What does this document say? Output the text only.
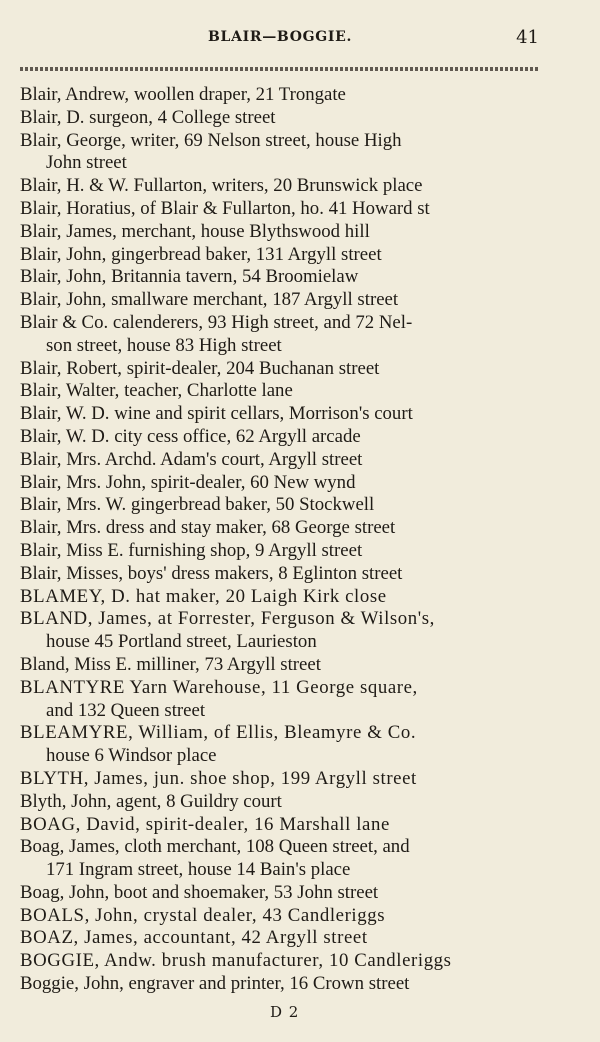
BLAIR—BOGGIE.	41

Blair, Andrew, woollen draper, 21 Trongate

Blair, D. surgeon, 4 College street

Blair, George, writer, 69 Nelson street, house High

John street

Blair, H. & W. Fullarton, writers, 20 Brunswick place

Blair, Horatius, of Blair & Fullarton, ho. 41 Howard st

Blair, James, merchant, house Blythswood hill

Blair, John, gingerbread baker, 131 Argyll street

Blair, John, Britannia tavern, 54 Broomielaw

Blair, John, smallware merchant, 187 Argyll street

Blair & Co. calenderers, 93 High street, and 72 Nel-

son street, house 83 High street

Blair, Robert, spirit-dealer, 204 Buchanan street

Blair, Walter, teacher, Charlotte lane

Blair, W. D. wine and spirit cellars, Morrison's court

Blair, W. D. city cess office, 62 Argyll arcade

Blair, Mrs. Archd. Adam's court, Argyll street

Blair, Mrs. John, spirit-dealer, 60 New wynd

Blair, Mrs. W. gingerbread baker, 50 Stockwell

Blair, Mrs. dress and stay maker, 68 George street

Blair, Miss E. furnishing shop, 9 Argyll street

Blair, Misses, boys' dress makers, 8 Eglinton street

BLAMEY, D. hat maker, 20 Laigh Kirk close

BLAND, James, at Forrester, Ferguson & Wilson's,

house 45 Portland street, Laurieston

Bland, Miss E. milliner, 73 Argyll street

BLANTYRE Yarn Warehouse, 11 George square,

and 132 Queen street

BLEAMYRE, William, of Ellis, Bleamyre & Co.

house 6 Windsor place

BLYTH, James, jun. shoe shop, 199 Argyll street

Blyth, John, agent, 8 Guildry court

BOAG, David, spirit-dealer, 16 Marshall lane

Boag, James, cloth merchant, 108 Queen street, and

171 Ingram street, house 14 Bain's place

Boag, John, boot and shoemaker, 53 John street

BOALS, John, crystal dealer, 43 Candleriggs

BOAZ, James, accountant, 42 Argyll street

BOGGIE, Andw. brush manufacturer, 10 Candleriggs

Boggie, John, engraver and printer, 16 Crown street

D 2
